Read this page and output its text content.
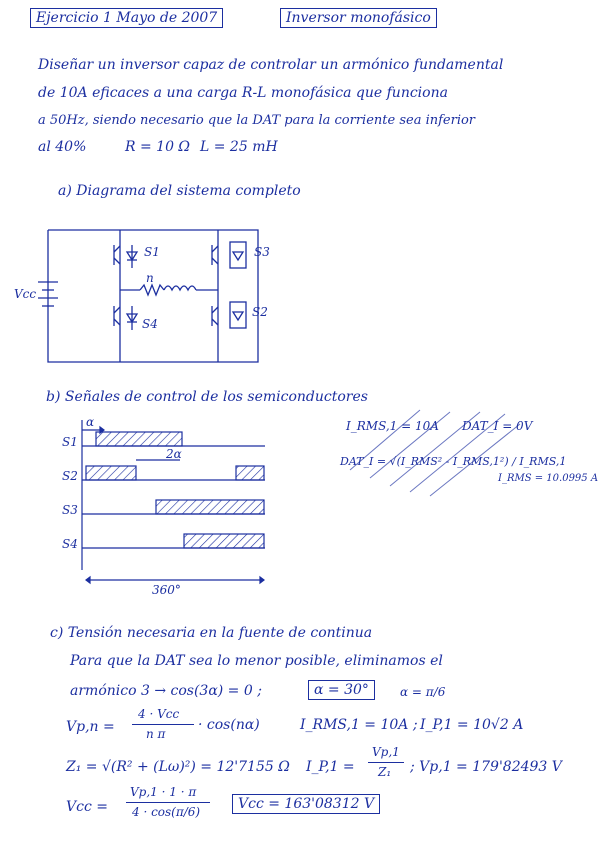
Ejercicio 1 Mayo de 2007	Inversor monofásico
Diseñar un inversor capaz de controlar un armónico fundamental
de 10A eficaces a una carga R-L monofásica que funciona
a 50Hz, siendo necesario que la DAT para la corriente sea inferior
al 40%	R = 10 Ω L = 25 mH
a) Diagrama del sistema completo
Vcc
S1	S3
S4
S2
n
b) Señales de control de los semiconductores
α
2α
S1
S2
S3
S4
360°
I_RMS,1 = 10A DAT_I = 0V
DAT_I = √(I_RMS² - I_RMS,1²) / I_RMS,1
I_RMS = 10.0995 A
c) Tensión necesaria en la fuente de continua
Para que la DAT sea lo menor posible, eliminamos el
armónico 3 → cos(3α) = 0 ;	α = 30°	α = π/6
Vp,n =
4 · Vcc
n π
· cos(nα)	I_RMS,1 = 10A ; I_P,1 = 10√2 A
Z₁ = √(R² + (Lω)²) = 12'7155 Ω I_P,1 =
Vp,1
Z₁ ; Vp,1 = 179'82493 V
Vcc =
Vp,1 · 1 · π
4 · cos(π/6)	Vcc = 163'08312 V
